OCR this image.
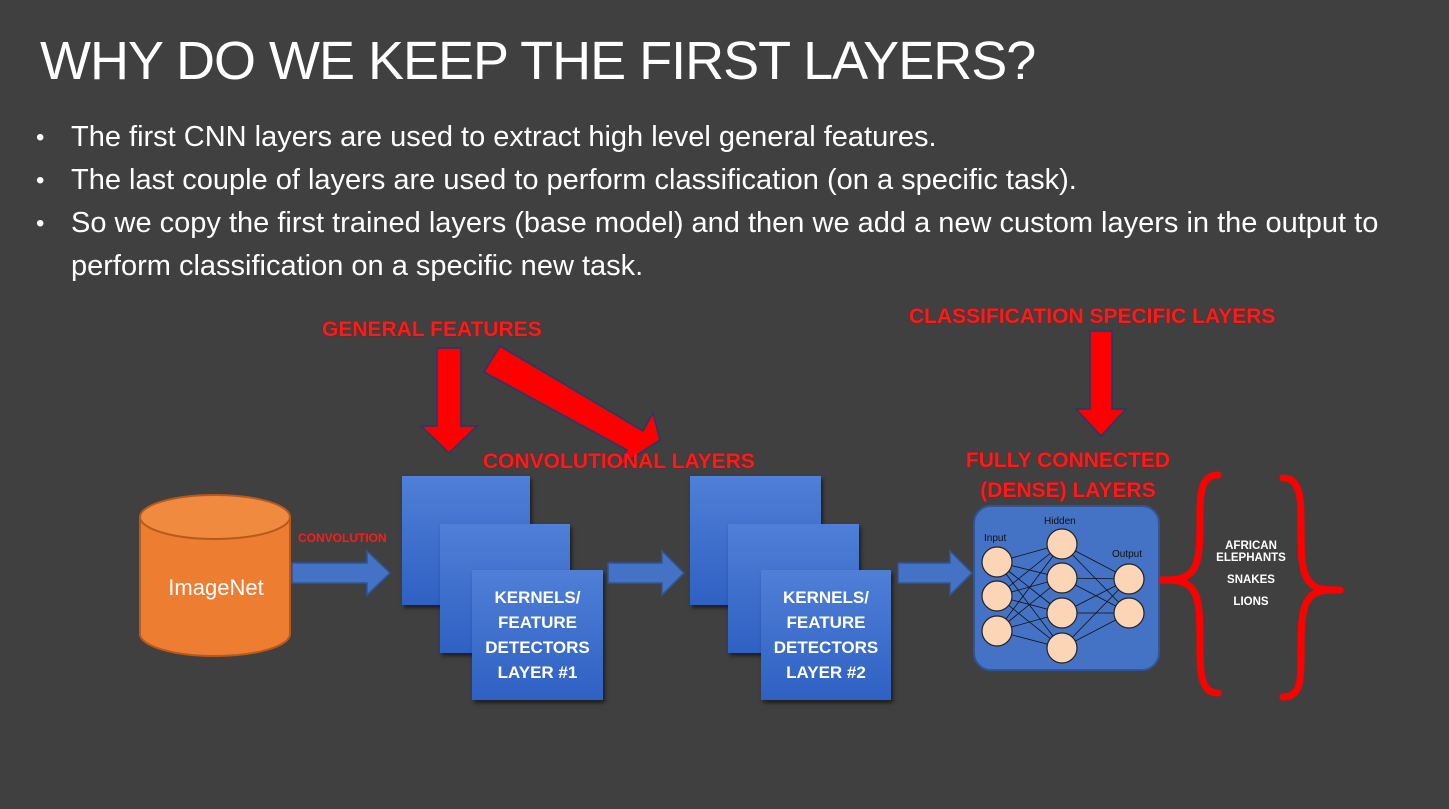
WHY DO WE KEEP THE FIRST LAYERS?
• The first CNN layers are used to extract high level general features.
• The last couple of layers are used to perform classification (on a specific task).
• So we copy the first trained layers (base model) and then we add a new custom layers in the output to perform classification on a specific new task.
KERNELS/
FEATURE
DETECTORS
LAYER #1
KERNELS/
FEATURE
DETECTORS
LAYER #2
Input
Hidden
Output
ImageNet
CONVOLUTION
GENERAL FEATURES
CLASSIFICATION SPECIFIC LAYERS
CONVOLUTIONAL LAYERS	FULLY CONNECTED
(DENSE) LAYERS
AFRICAN ELEPHANTS
SNAKES
LIONS
